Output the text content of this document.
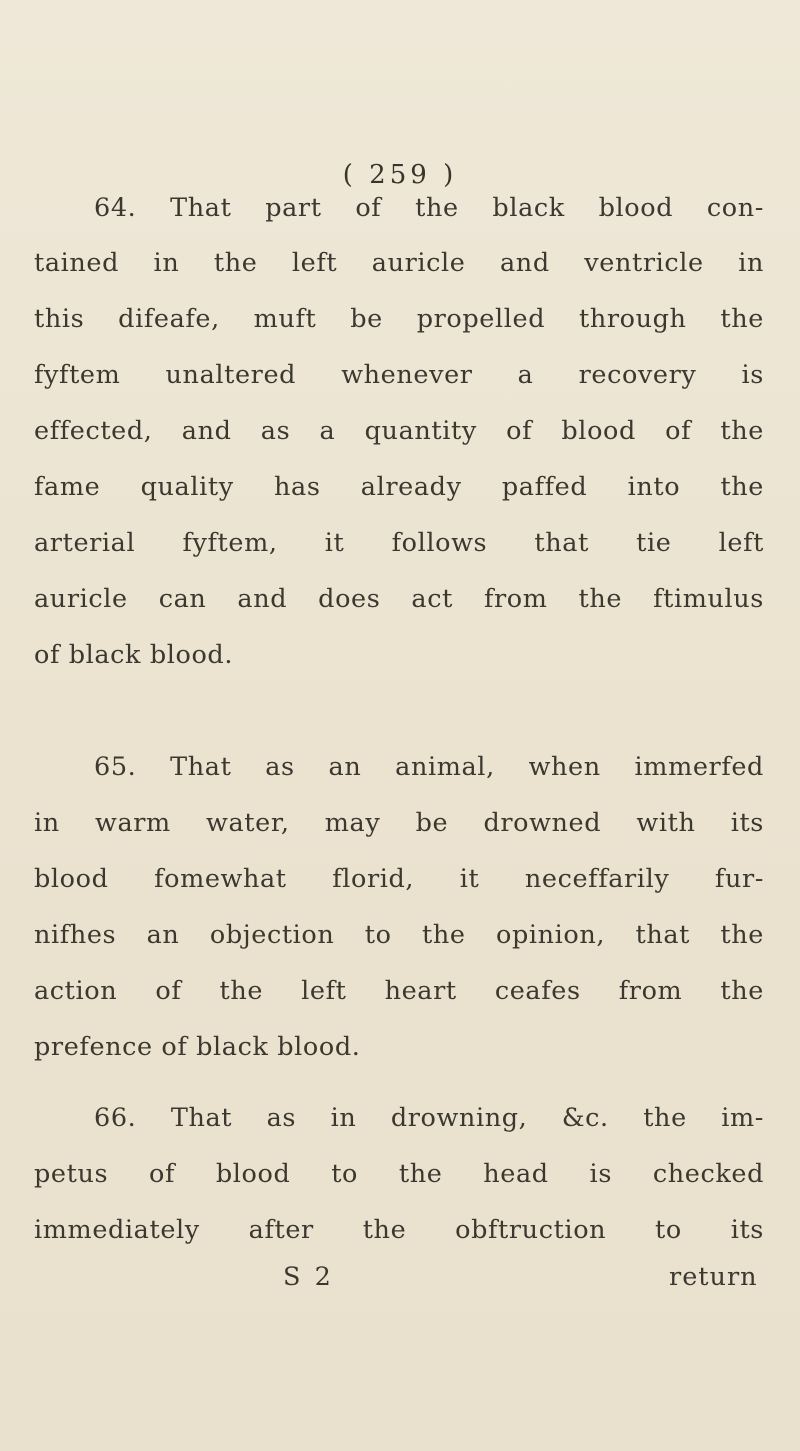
( 259 )
64. That part of the black blood con-
tained in the left auricle and ventricle in
this difeafe, muft be propelled through the
fyftem unaltered whenever a recovery is
effected, and as a quantity of blood of the
fame quality has already paffed into the
arterial fyftem, it follows that tie left
auricle can and does act from the ftimulus
of black blood.
65. That as an animal, when immerfed
in warm water, may be drowned with its
blood fomewhat florid, it neceffarily fur-
nifhes an objection to the opinion, that the
action of the left heart ceafes from the
prefence of black blood.
66. That as in drowning, &c. the im-
petus of blood to the head is checked
immediately after the obftruction to its
S 2	return
